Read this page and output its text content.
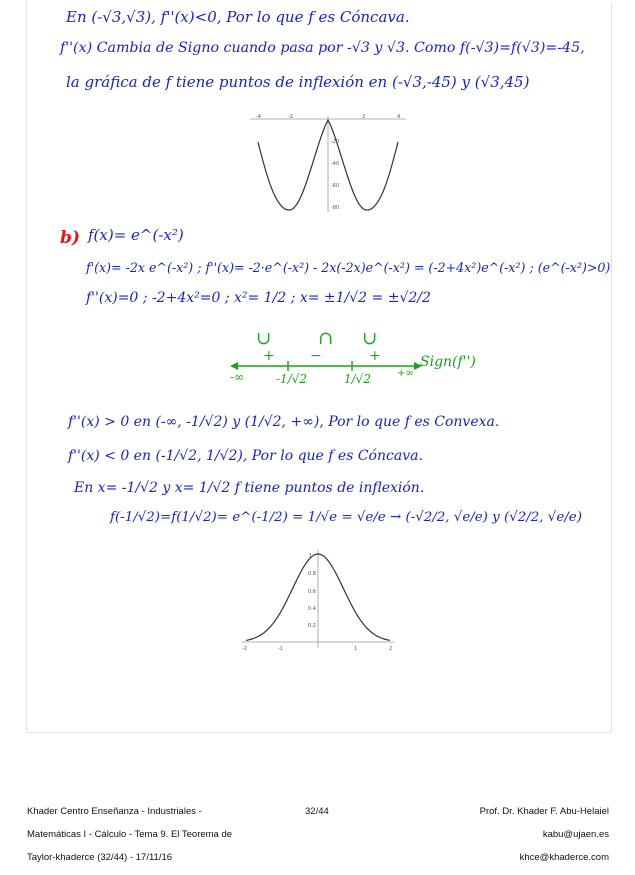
En (-√3,√3), f''(x)<0, Por lo que f es Cóncava.
f''(x) Cambia de Signo cuando pasa por -√3 y √3. Como f(-√3)=f(√3)=-45,
la gráfica de f tiene puntos de inflexión en (-√3,-45) y (√3,45)
-4	-2	2	4
-20
-40
-60
-80
b) f(x)= e^(-x²)
f'(x)= -2x e^(-x²) ; f''(x)= -2·e^(-x²) - 2x(-2x)e^(-x²) = (-2+4x²)e^(-x²) ; (e^(-x²)>0)
f''(x)=0 ; -2+4x²=0 ; x²= 1/2 ; x= ±1/√2 = ±√2/2
∪	∩ ∪
+	−	+
-∞	+∞
-1/√2	1/√2
Sign(f'')
f''(x) > 0 en (-∞, -1/√2) y (1/√2, +∞), Por lo que f es Convexa.
f''(x) < 0 en (-1/√2, 1/√2), Por lo que f es Cóncava.
En x= -1/√2 y x= 1/√2 f tiene puntos de inflexión.
f(-1/√2)=f(1/√2)= e^(-1/2) = 1/√e = √e/e → (-√2/2, √e/e) y (√2/2, √e/e)
-2	-1	1	2
1
0.8
0.6
0.4
0.2

Khader Centro Enseñanza - Industriales -

Matemáticas I - Cálculo - Tema 9. El Teorema de

Taylor-khaderce (32/44) - 17/11/16

32/44	Prof. Dr. Khader F. Abu-Helaiel

kabu@ujaen.es

khce@khaderce.com
